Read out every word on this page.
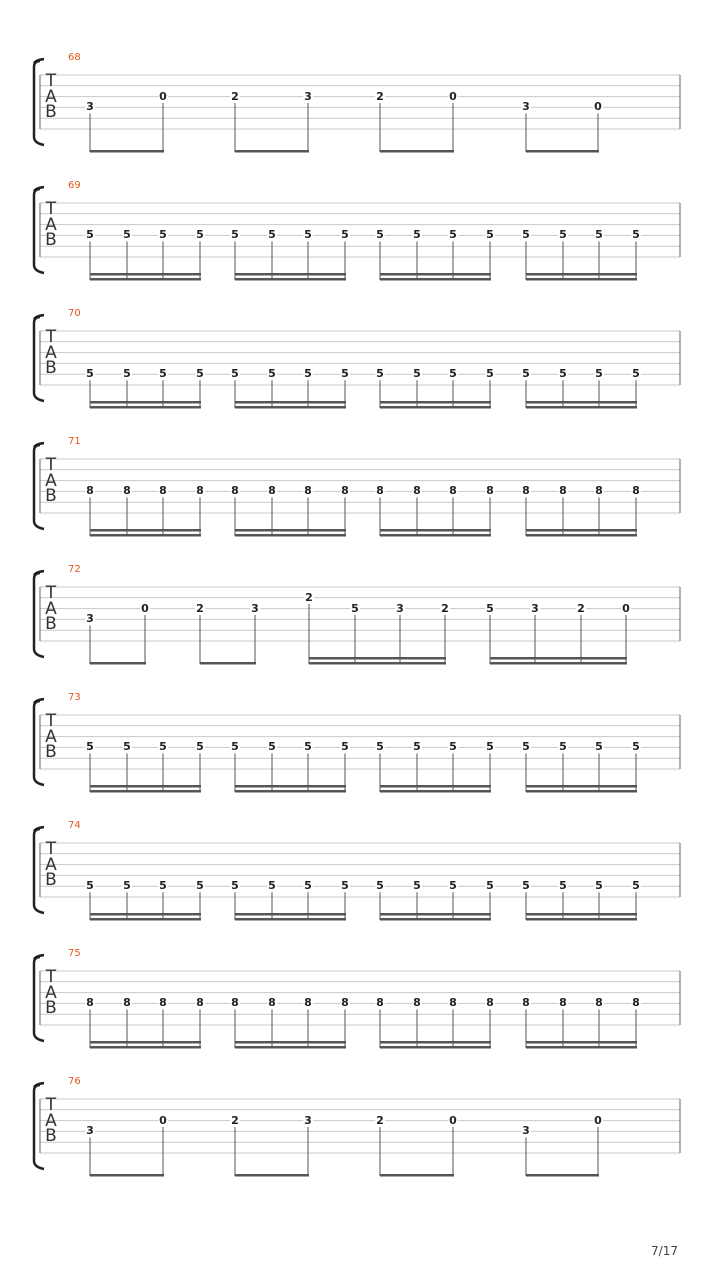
68
T
A
B	3
0	2	3	2	0
3	0
69
T
A
B	5	5	5	5 5	5	5	5 5	5	5	5	5	5	5	5
70
T
A
B	5	5	5	5 5	5	5	5 5	5	5	5	5	5	5	5
71
T
A
B	8	8	8	8 8	8	8	8 8	8	8	8	8	8	8	8
72
T
A
B	3
0	2	3
2
5	3	2	5	3	2	0
73
T
A
B	5	5	5	5 5	5	5	5 5	5	5	5	5	5	5	5
74
T
A
B	5	5	5	5 5	5	5	5 5	5	5	5	5	5	5	5
75
T
A
B	8	8	8	8 8	8	8	8 8	8	8	8	8	8	8	8
76
T
A
B	3
0	2	3	2	0
3
0
7/17
